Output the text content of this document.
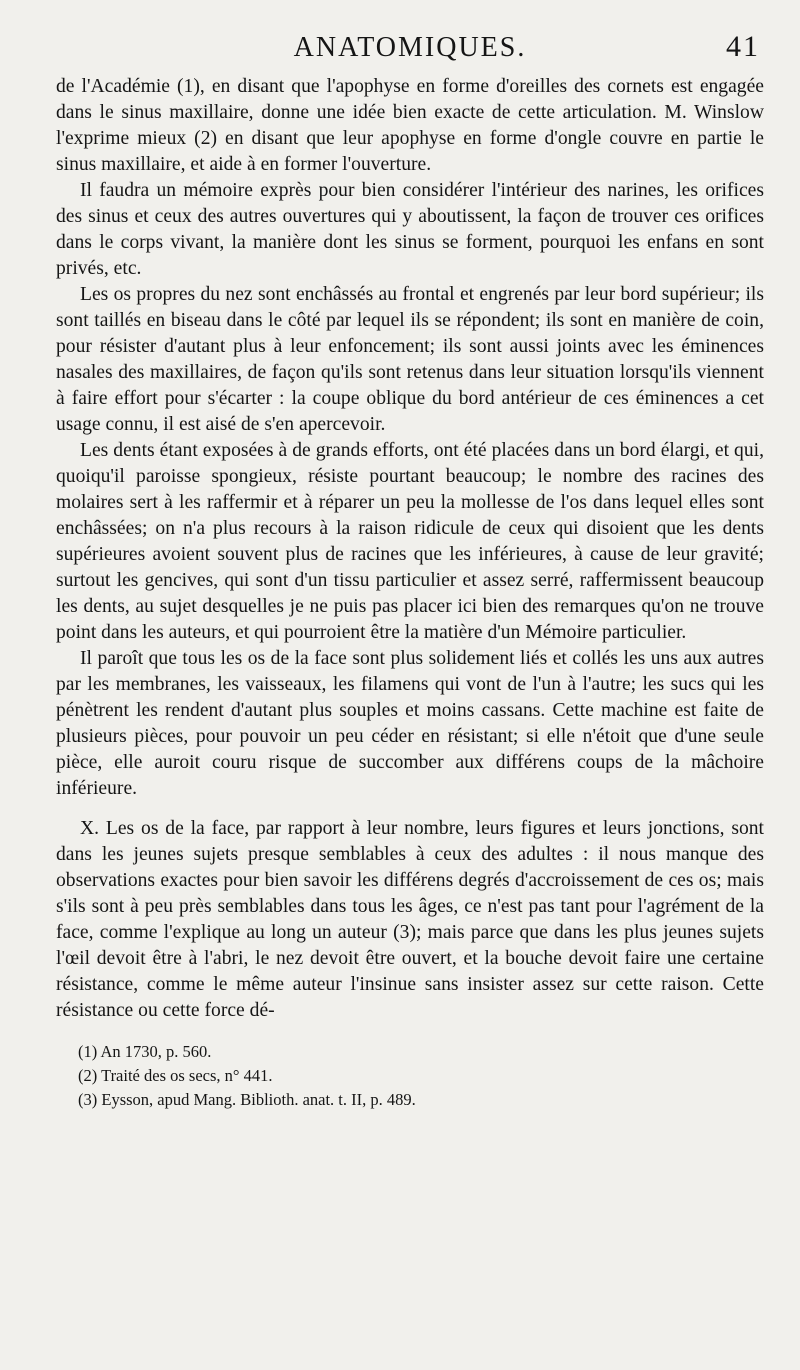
ANATOMIQUES.	41

de l'Académie (1), en disant que l'apophyse en forme d'oreilles des cornets est engagée dans le sinus maxillaire, donne une idée bien exacte de cette articulation. M. Winslow l'exprime mieux (2) en disant que leur apophyse en forme d'ongle couvre en partie le sinus maxillaire, et aide à en former l'ouverture.

Il faudra un mémoire exprès pour bien considérer l'intérieur des narines, les orifices des sinus et ceux des autres ouvertures qui y aboutissent, la façon de trouver ces orifices dans le corps vivant, la manière dont les sinus se forment, pourquoi les enfans en sont privés, etc.

Les os propres du nez sont enchâssés au frontal et engrenés par leur bord supérieur; ils sont taillés en biseau dans le côté par lequel ils se répondent; ils sont en manière de coin, pour résister d'autant plus à leur enfoncement; ils sont aussi joints avec les éminences nasales des maxillaires, de façon qu'ils sont retenus dans leur situation lorsqu'ils viennent à faire effort pour s'écarter : la coupe oblique du bord antérieur de ces éminences a cet usage connu, il est aisé de s'en apercevoir.

Les dents étant exposées à de grands efforts, ont été placées dans un bord élargi, et qui, quoiqu'il paroisse spongieux, résiste pourtant beaucoup; le nombre des racines des molaires sert à les raffermir et à réparer un peu la mollesse de l'os dans lequel elles sont enchâssées; on n'a plus recours à la raison ridicule de ceux qui disoient que les dents supérieures avoient souvent plus de racines que les inférieures, à cause de leur gravité; surtout les gencives, qui sont d'un tissu particulier et assez serré, raffermissent beaucoup les dents, au sujet desquelles je ne puis pas placer ici bien des remarques qu'on ne trouve point dans les auteurs, et qui pourroient être la matière d'un Mémoire particulier.

Il paroît que tous les os de la face sont plus solidement liés et collés les uns aux autres par les membranes, les vaisseaux, les filamens qui vont de l'un à l'autre; les sucs qui les pénètrent les rendent d'autant plus souples et moins cassans. Cette machine est faite de plusieurs pièces, pour pouvoir un peu céder en résistant; si elle n'étoit que d'une seule pièce, elle auroit couru risque de succomber aux différens coups de la mâchoire inférieure.

X. Les os de la face, par rapport à leur nombre, leurs figures et leurs jonctions, sont dans les jeunes sujets presque semblables à ceux des adultes : il nous manque des observations exactes pour bien savoir les différens degrés d'accroissement de ces os; mais s'ils sont à peu près semblables dans tous les âges, ce n'est pas tant pour l'agrément de la face, comme l'explique au long un auteur (3); mais parce que dans les plus jeunes sujets l'œil devoit être à l'abri, le nez devoit être ouvert, et la bouche devoit faire une certaine résistance, comme le même auteur l'insinue sans insister assez sur cette raison. Cette résistance ou cette force dé-

(1) An 1730, p. 560.
(2) Traité des os secs, n° 441.
(3) Eysson, apud Mang. Biblioth. anat. t. II, p. 489.
